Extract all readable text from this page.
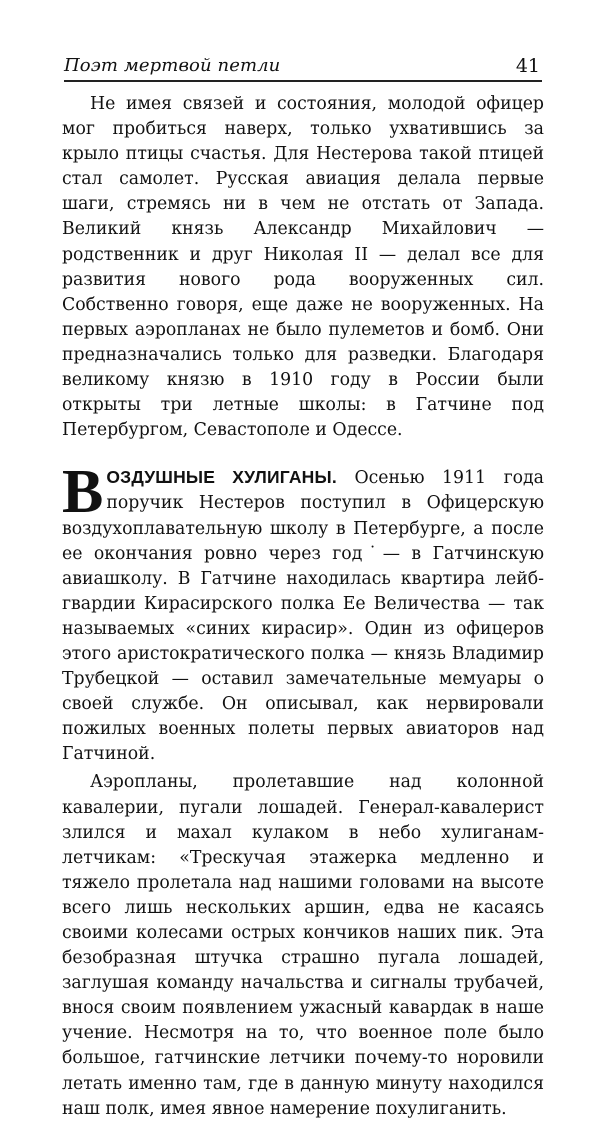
Поэт мертвой петли	41

Не имея связей и состояния, молодой офицер мог пробиться наверх, только ухватившись за крыло птицы счастья. Для Нестерова такой птицей стал самолет. Русская авиация делала первые шаги, стремясь ни в чем не отстать от Запада. Великий князь Александр Михайлович — родственник и друг Николая II — делал все для развития нового рода вооруженных сил. Собственно говоря, еще даже не вооруженных. На первых аэропланах не было пулеметов и бомб. Они предназначались только для разведки. Благодаря великому князю в 1910 году в России были открыты три летные школы: в Гатчине под Петербургом, Севастополе и Одессе.

ВОЗДУШНЫЕ ХУЛИГАНЫ. Осенью 1911 года поручик Нестеров поступил в Офицерскую воздухоплавательную школу в Петербурге, а после ее окончания ровно через год˙— в Гатчинскую авиашколу. В Гатчине находилась квартира лейб-гвардии Кирасирского полка Ее Величества — так называемых «синих кирасир». Один из офицеров этого аристократического полка — князь Владимир Трубецкой — оставил замечательные мемуары о своей службе. Он описывал, как нервировали пожилых военных полеты первых авиаторов над Гатчиной.

Аэропланы, пролетавшие над колонной кавалерии, пугали лошадей. Генерал-кавалерист злился и махал кулаком в небо хулиганам-летчикам: «Трескучая этажерка медленно и тяжело пролетала над нашими головами на высоте всего лишь нескольких аршин, едва не касаясь своими колесами острых кончиков наших пик. Эта безобразная штучка страшно пугала лошадей, заглушая команду начальства и сигналы трубачей, внося своим появлением ужасный кавардак в наше учение. Несмотря на то, что военное поле было большое, гатчинские летчики почему-то норовили летать именно там, где в данную минуту находился наш полк, имея явное намерение похулиганить.
